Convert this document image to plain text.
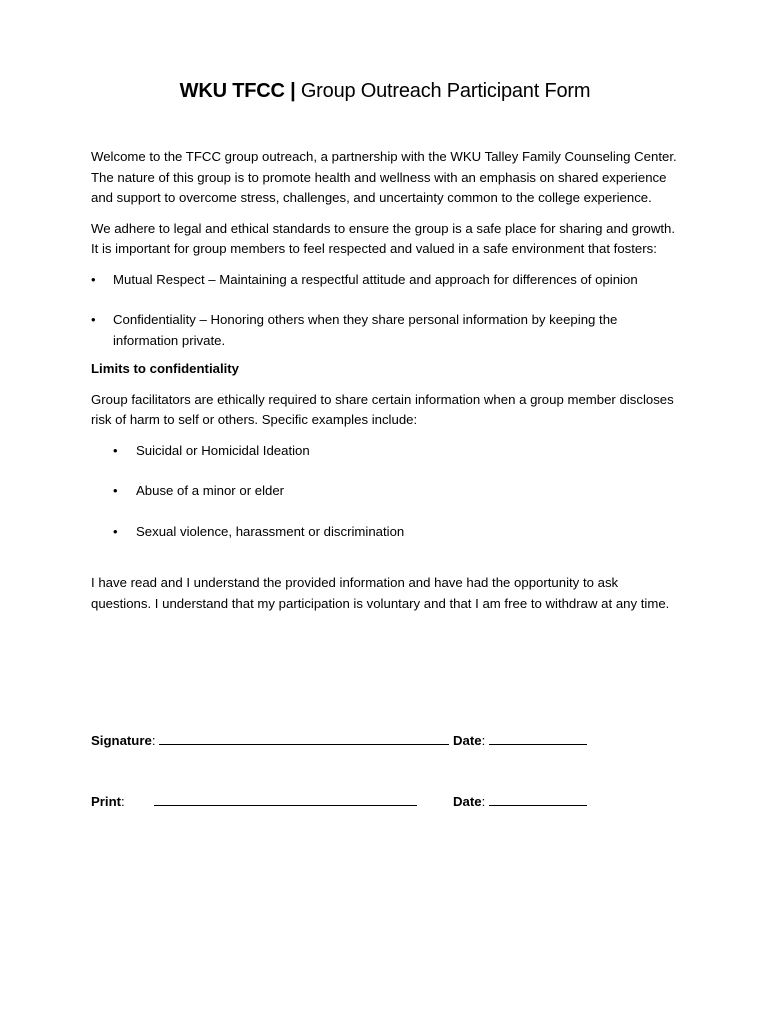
WKU TFCC | Group Outreach Participant Form

Welcome to the TFCC group outreach, a partnership with the WKU Talley Family Counseling Center. The nature of this group is to promote health and wellness with an emphasis on shared experience and support to overcome stress, challenges, and uncertainty common to the college experience.

We adhere to legal and ethical standards to ensure the group is a safe place for sharing and growth. It is important for group members to feel respected and valued in a safe environment that fosters:

• Mutual Respect – Maintaining a respectful attitude and approach for differences of opinion
• Confidentiality – Honoring others when they share personal information by keeping the information private.
Limits to confidentiality

Group facilitators are ethically required to share certain information when a group member discloses risk of harm to self or others. Specific examples include:

• Suicidal or Homicidal Ideation
• Abuse of a minor or elder
• Sexual violence, harassment or discrimination

I have read and I understand the provided information and have had the opportunity to ask questions. I understand that my participation is voluntary and that I am free to withdraw at any time.

Signature:	Date:
Print:	Date:
